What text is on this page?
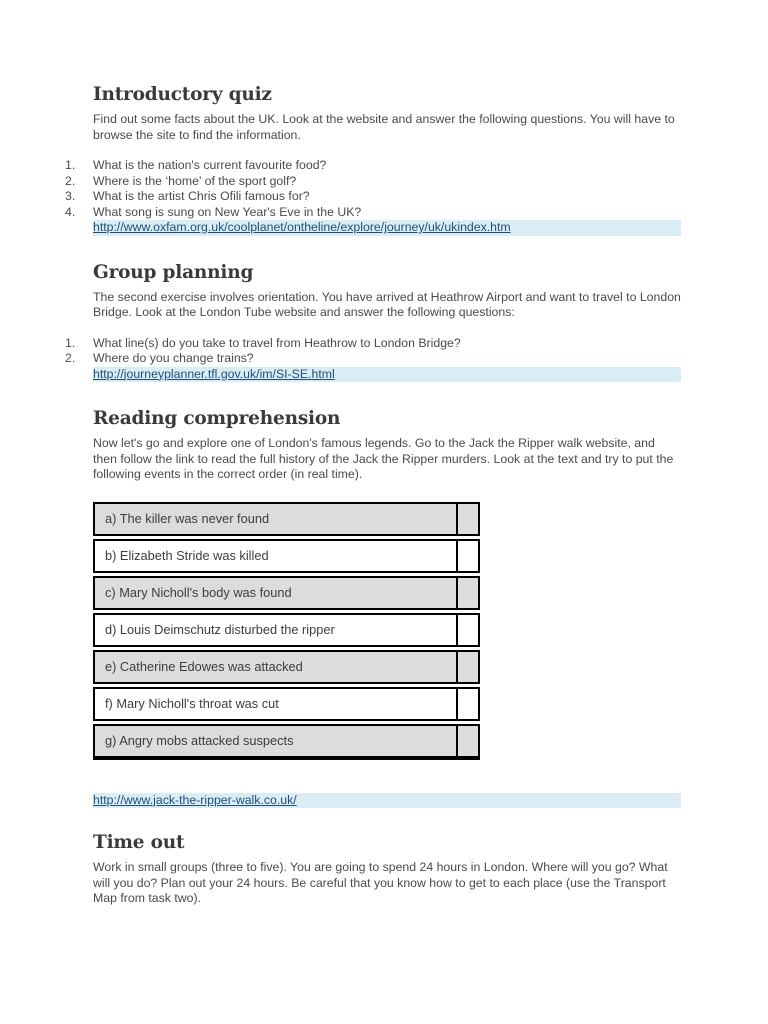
Introductory quiz

Find out some facts about the UK. Look at the website and answer the following questions. You will have to browse the site to find the information.

What is the nation's current favourite food?
Where is the ‘home’ of the sport golf?
What is the artist Chris Ofili famous for?
What song is sung on New Year's Eve in the UK?
http://www.oxfam.org.uk/coolplanet/ontheline/explore/journey/uk/ukindex.htm
Group planning

The second exercise involves orientation. You have arrived at Heathrow Airport and want to travel to London Bridge. Look at the London Tube website and answer the following questions:

What line(s) do you take to travel from Heathrow to London Bridge?
Where do you change trains?
http://journeyplanner.tfl.gov.uk/im/SI-SE.html
Reading comprehension

Now let's go and explore one of London's famous legends. Go to the Jack the Ripper walk website, and then follow the link to read the full history of the Jack the Ripper murders. Look at the text and try to put the following events in the correct order (in real time).

a) The killer was never found
b) Elizabeth Stride was killed
c) Mary Nicholl's body was found
d) Louis Deimschutz disturbed the ripper
e) Catherine Edowes was attacked
f) Mary Nicholl's throat was cut
g) Angry mobs attacked suspects
http://www.jack-the-ripper-walk.co.uk/
Time out

Work in small groups (three to five). You are going to spend 24 hours in London. Where will you go? What will you do? Plan out your 24 hours. Be careful that you know how to get to each place (use the Transport Map from task two).
